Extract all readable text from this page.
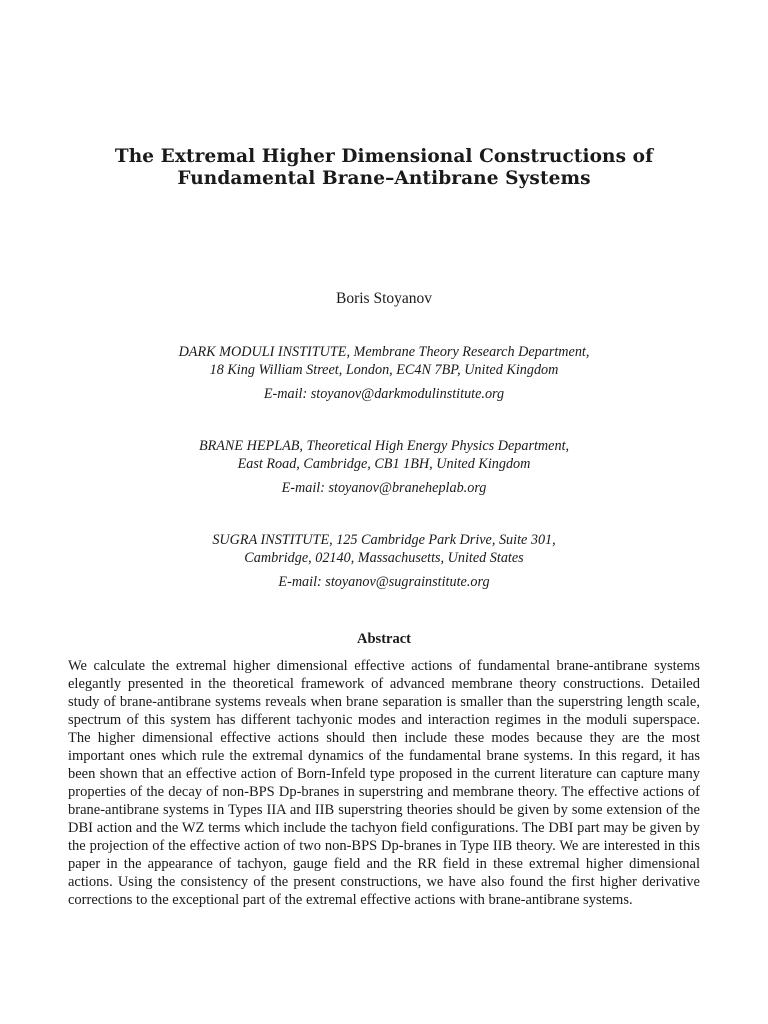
The Extremal Higher Dimensional Constructions of
Fundamental Brane–Antibrane Systems
Boris Stoyanov
DARK MODULI INSTITUTE, Membrane Theory Research Department,
18 King William Street, London, EC4N 7BP, United Kingdom
E-mail: stoyanov@darkmodulinstitute.org
BRANE HEPLAB, Theoretical High Energy Physics Department,
East Road, Cambridge, CB1 1BH, United Kingdom
E-mail: stoyanov@braneheplab.org
SUGRA INSTITUTE, 125 Cambridge Park Drive, Suite 301,
Cambridge, 02140, Massachusetts, United States
E-mail: stoyanov@sugrainstitute.org
Abstract

We calculate the extremal higher dimensional effective actions of fundamental brane-antibrane systems elegantly presented in the theoretical framework of advanced membrane theory constructions. Detailed study of brane-antibrane systems reveals when brane separation is smaller than the superstring length scale, spectrum of this system has different tachyonic modes and interaction regimes in the moduli superspace. The higher dimensional effective actions should then include these modes because they are the most important ones which rule the extremal dynamics of the fundamental brane systems. In this regard, it has been shown that an effective action of Born-Infeld type proposed in the current literature can capture many properties of the decay of non-BPS Dp-branes in superstring and membrane theory. The effective actions of brane-antibrane systems in Types IIA and IIB superstring theories should be given by some extension of the DBI action and the WZ terms which include the tachyon field configurations. The DBI part may be given by the projection of the effective action of two non-BPS Dp-branes in Type IIB theory. We are interested in this paper in the appearance of tachyon, gauge field and the RR field in these extremal higher dimensional actions. Using the consistency of the present constructions, we have also found the first higher derivative corrections to the exceptional part of the extremal effective actions with brane-antibrane systems.
